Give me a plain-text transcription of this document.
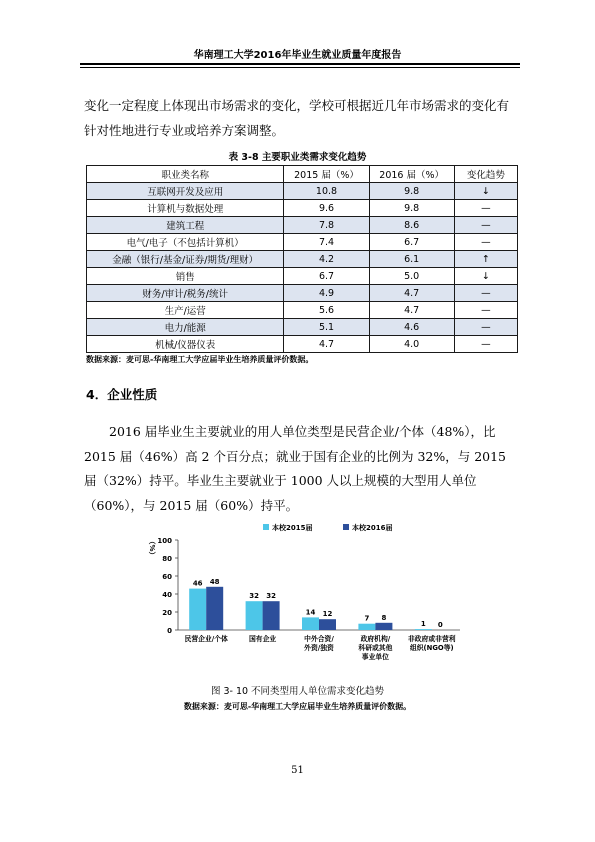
华南理工大学2016年毕业生就业质量年度报告
变化一定程度上体现出市场需求的变化，学校可根据近几年市场需求的变化有针对性地进行专业或培养方案调整。
表 3-8 主要职业类需求变化趋势
职业类名称	2015 届（%）	2016 届（%）	变化趋势
互联网开发及应用	10.8	9.8	↓
计算机与数据处理	9.6	9.8	—
建筑工程	7.8	8.6	—
电气/电子（不包括计算机）	7.4	6.7	—
金融（银行/基金/证券/期货/理财）	4.2	6.1	↑
销售	6.7	5.0	↓
财务/审计/税务/统计	4.9	4.7	—
生产/运营	5.6	4.7	—
电力/能源	5.1	4.6	—
机械/仪器仪表	4.7	4.0	—
数据来源：麦可思-华南理工大学应届毕业生培养质量评价数据。
4．企业性质
2016 届毕业生主要就业的用人单位类型是民营企业/个体（48%），比 2015 届（46%）高 2 个百分点；就业于国有企业的比例为 32%，与 2015 届（32%）持平。毕业生主要就业于 1000 人以上规模的大型用人单位（60%），与 2015 届（60%）持平。
0
20
40
60
80
100
（%）
本校2015届	本校2016届
46 48
民营企业/个体
32 32
国有企业
14 12
中外合资/
外资/独资
7 8
政府机构/
科研或其他
事业单位
1 0
非政府或非营利
组织(NGO等)
图 3- 10 不同类型用人单位需求变化趋势
数据来源：麦可思-华南理工大学应届毕业生培养质量评价数据。
51
